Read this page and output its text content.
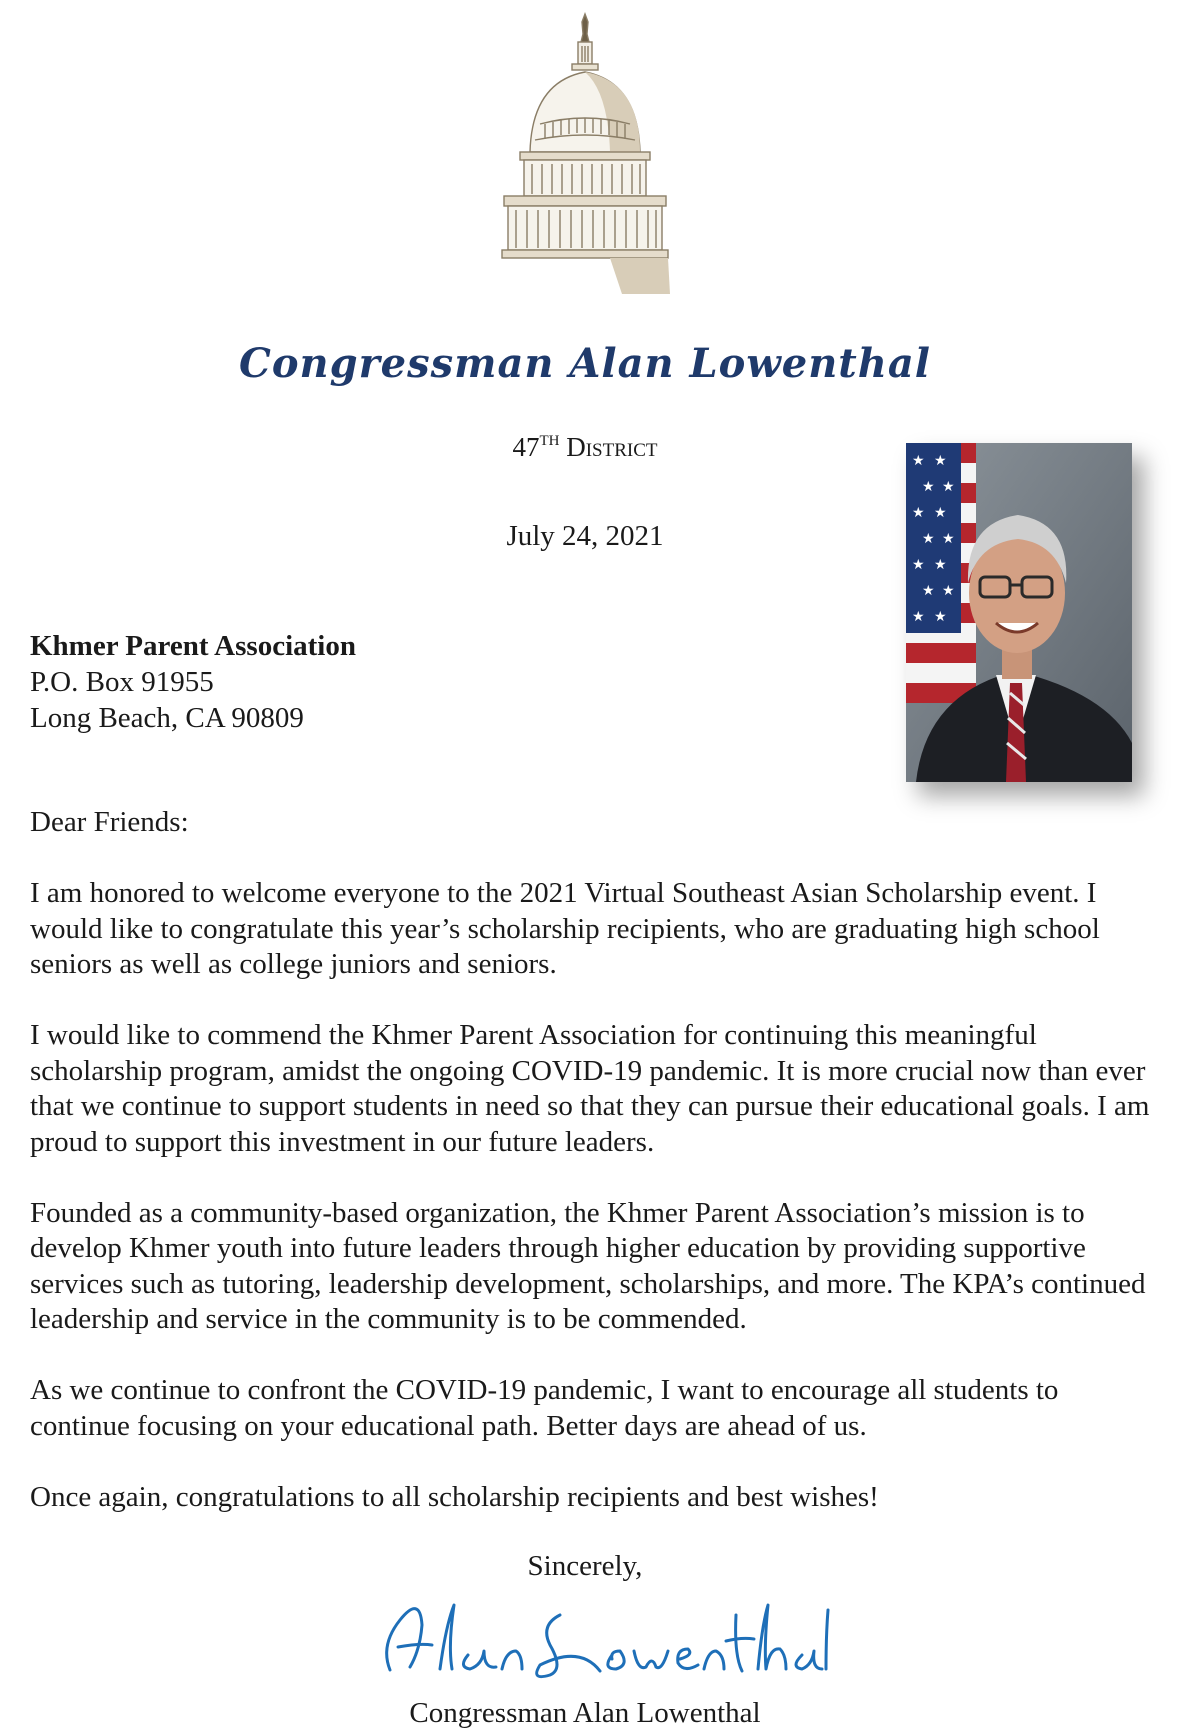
Congressman Alan Lowenthal
47TH District
July 24, 2021
★ ★
★ ★
★ ★
★ ★
★ ★
★ ★
★ ★
Khmer Parent Association
P.O. Box 91955
Long Beach, CA 90809
Dear Friends:

I am honored to welcome everyone to the 2021 Virtual Southeast Asian Scholarship event. I would like to congratulate this year’s scholarship recipients, who are graduating high school seniors as well as college juniors and seniors.

I would like to commend the Khmer Parent Association for continuing this meaningful scholarship program, amidst the ongoing COVID-19 pandemic. It is more crucial now than ever that we continue to support students in need so that they can pursue their educational goals. I am proud to support this investment in our future leaders.

Founded as a community-based organization, the Khmer Parent Association’s mission is to develop Khmer youth into future leaders through higher education by providing supportive services such as tutoring, leadership development, scholarships, and more. The KPA’s continued leadership and service in the community is to be commended.

As we continue to confront the COVID-19 pandemic, I want to encourage all students to continue focusing on your educational path. Better days are ahead of us.

Once again, congratulations to all scholarship recipients and best wishes!

Sincerely,
Congressman Alan Lowenthal
